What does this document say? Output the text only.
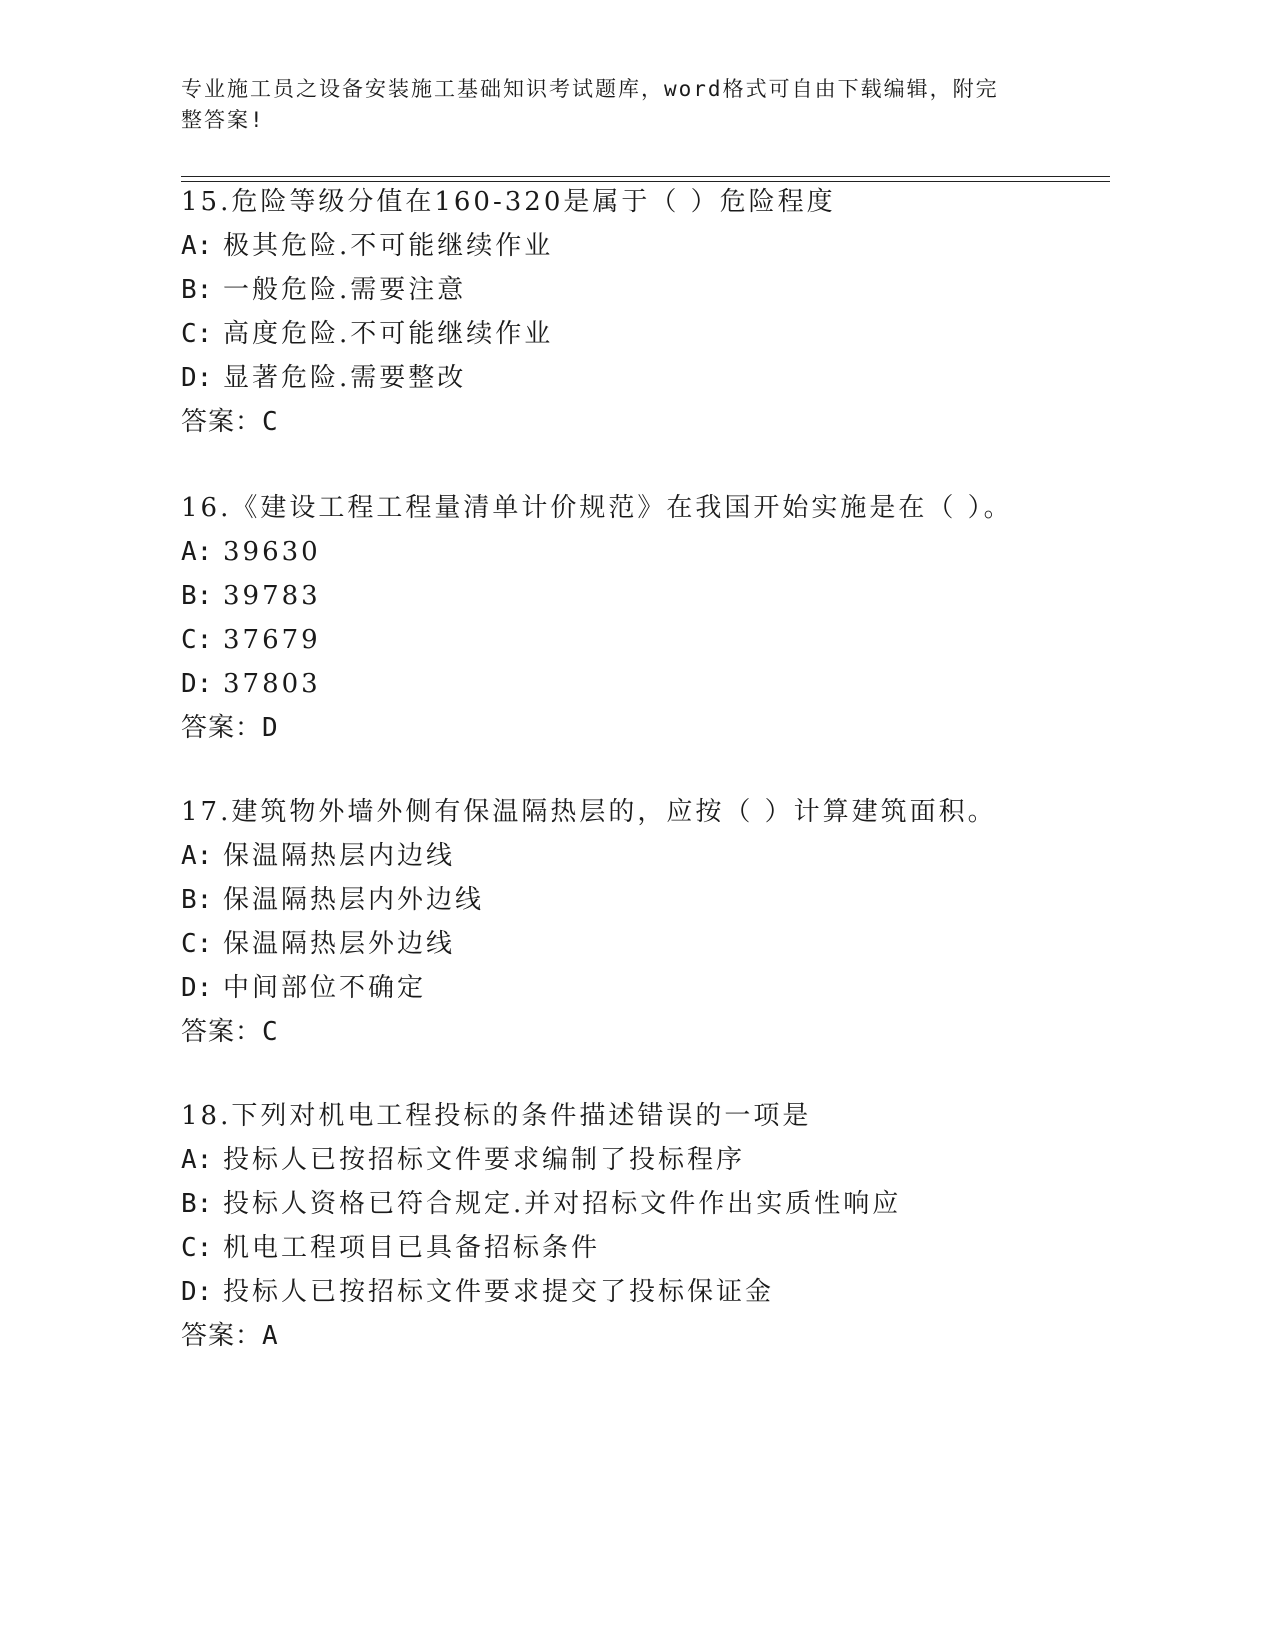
专业施工员之设备安装施工基础知识考试题库，word格式可自由下载编辑，附完
整答案!
15.危险等级分值在160-320是属于（ ）危险程度
A: 极其危险.不可能继续作业
B: 一般危险.需要注意
C: 高度危险.不可能继续作业
D: 显著危险.需要整改
答案：C
16.《建设工程工程量清单计价规范》在我国开始实施是在（ ）。
A: 39630
B: 39783
C: 37679
D: 37803
答案：D
17.建筑物外墙外侧有保温隔热层的，应按（ ）计算建筑面积。
A: 保温隔热层内边线
B: 保温隔热层内外边线
C: 保温隔热层外边线
D: 中间部位不确定
答案：C
18.下列对机电工程投标的条件描述错误的一项是
A: 投标人已按招标文件要求编制了投标程序
B: 投标人资格已符合规定.并对招标文件作出实质性响应
C: 机电工程项目已具备招标条件
D: 投标人已按招标文件要求提交了投标保证金
答案：A
